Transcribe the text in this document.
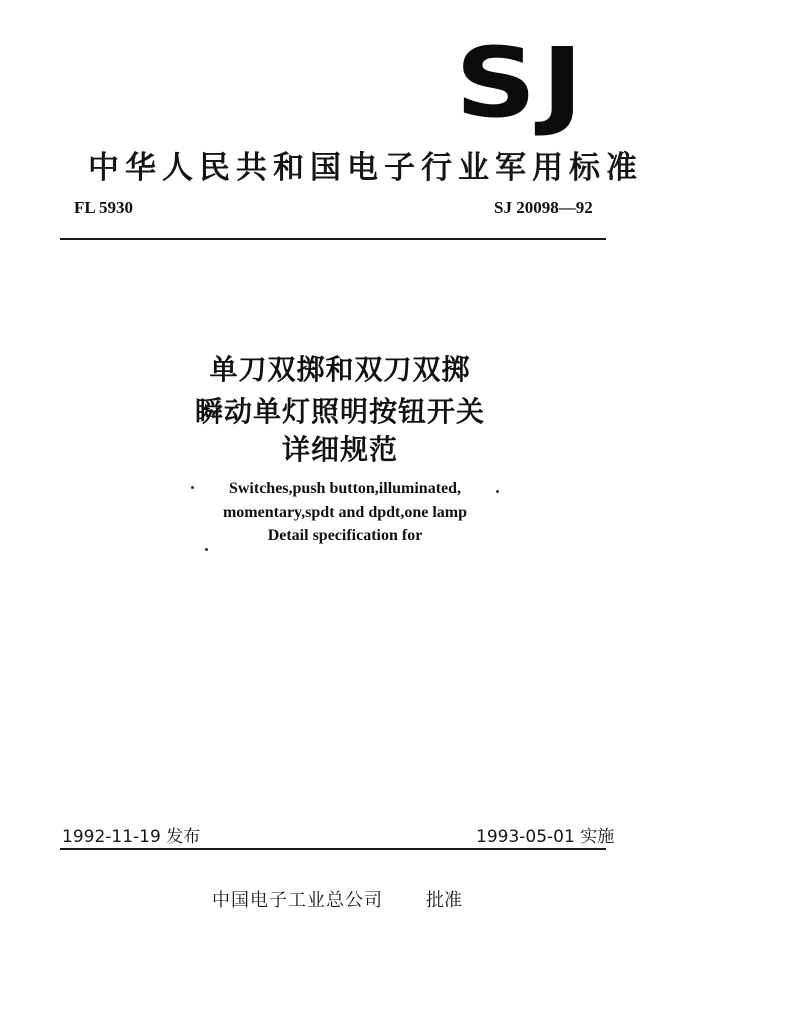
SJ
中华人民共和国电子行业军用标准
FL 5930	SJ 20098—92
单刀双掷和双刀双掷
瞬动单灯照明按钮开关
详细规范
Switches,push button,illuminated,
momentary,spdt and dpdt,one lamp
Detail specification for
1992-11-19 发布	1993-05-01 实施
中国电子工业总公司 批准
